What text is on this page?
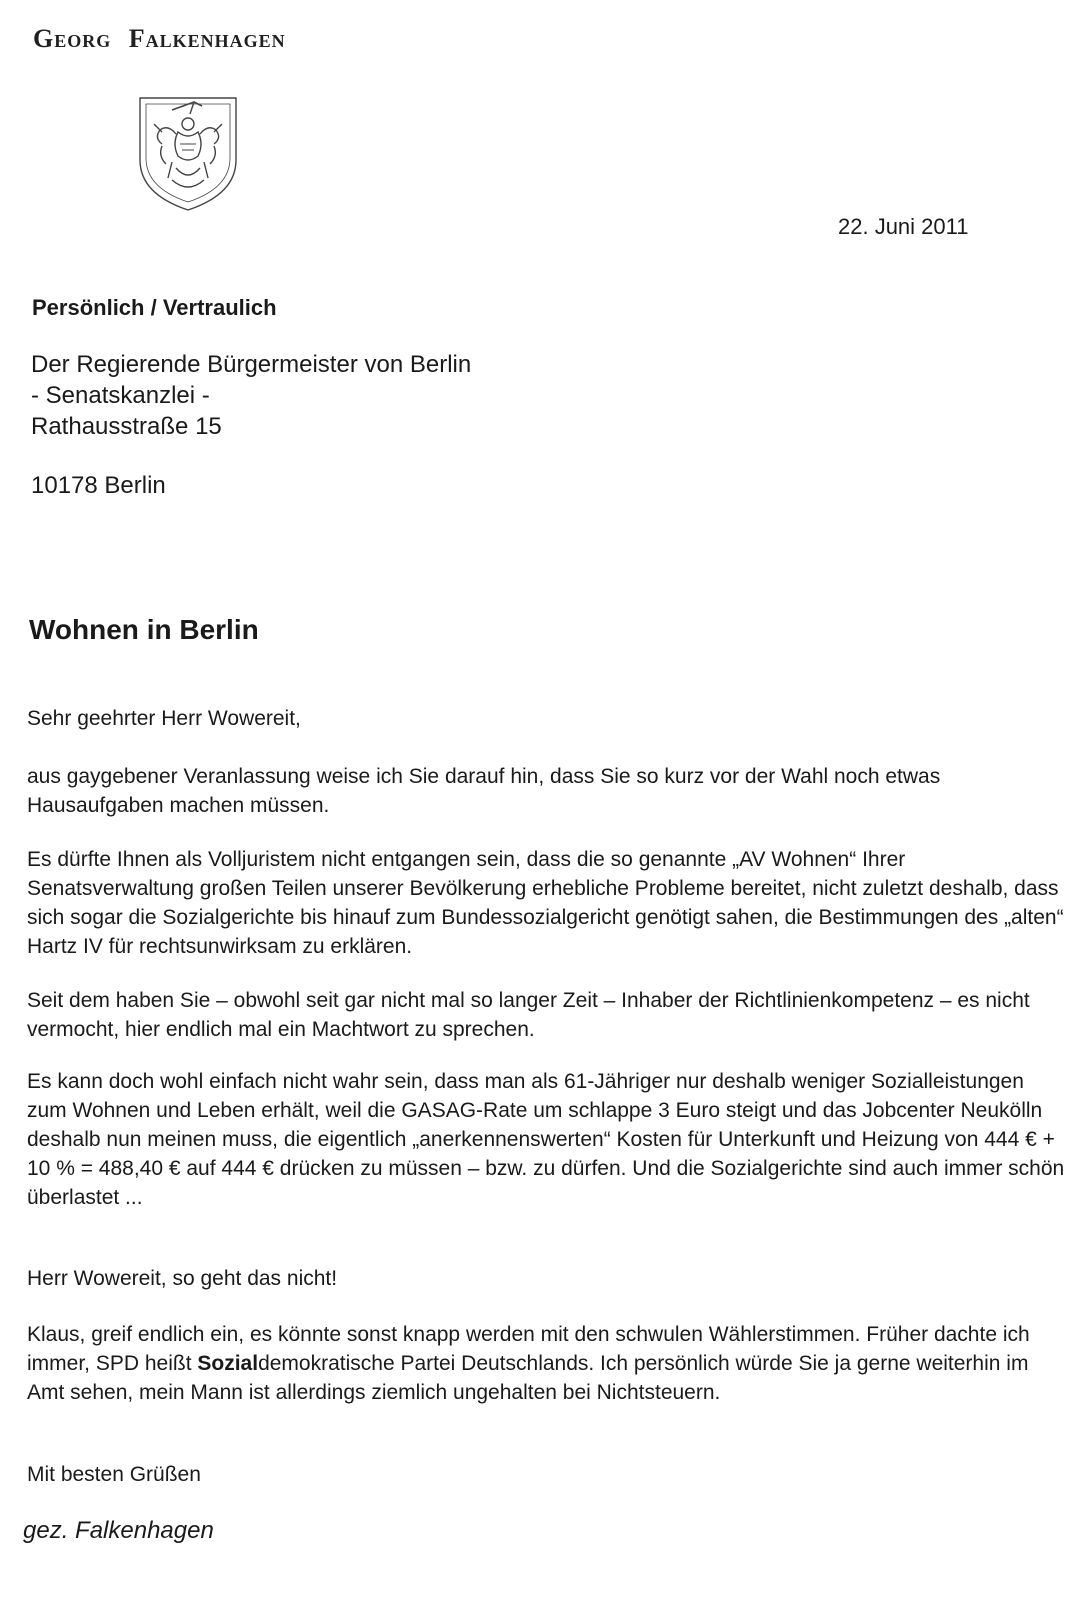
Georg Falkenhagen
22. Juni 2011
Persönlich / Vertraulich
Der Regierende Bürgermeister von Berlin
- Senatskanzlei -
Rathausstraße 15
10178 Berlin
Wohnen in Berlin

Sehr geehrter Herr Wowereit,

aus gaygebener Veranlassung weise ich Sie darauf hin, dass Sie so kurz vor der Wahl noch etwas Hausaufgaben machen müssen.

Es dürfte Ihnen als Volljuristem nicht entgangen sein, dass die so genannte „AV Wohnen“ Ihrer Senatsverwaltung großen Teilen unserer Bevölkerung erhebliche Probleme bereitet, nicht zuletzt deshalb, dass sich sogar die Sozialgerichte bis hinauf zum Bundessozialgericht genötigt sahen, die Bestimmungen des „alten“ Hartz IV für rechtsunwirksam zu erklären.

Seit dem haben Sie – obwohl seit gar nicht mal so langer Zeit – Inhaber der Richtlinienkompetenz – es nicht vermocht, hier endlich mal ein Machtwort zu sprechen.

Es kann doch wohl einfach nicht wahr sein, dass man als 61-Jähriger nur deshalb weniger Sozialleistungen zum Wohnen und Leben erhält, weil die GASAG-Rate um schlappe 3 Euro steigt und das Jobcenter Neukölln deshalb nun meinen muss, die eigentlich „anerkennenswerten“ Kosten für Unterkunft und Heizung von 444 € + 10 % = 488,40 € auf 444 € drücken zu müssen – bzw. zu dürfen. Und die Sozialgerichte sind auch immer schön überlastet ...

Herr Wowereit, so geht das nicht!

Klaus, greif endlich ein, es könnte sonst knapp werden mit den schwulen Wählerstimmen. Früher dachte ich immer, SPD heißt Sozialdemokratische Partei Deutschlands. Ich persönlich würde Sie ja gerne weiterhin im Amt sehen, mein Mann ist allerdings ziemlich ungehalten bei Nichtsteuern.

Mit besten Grüßen

gez. Falkenhagen
